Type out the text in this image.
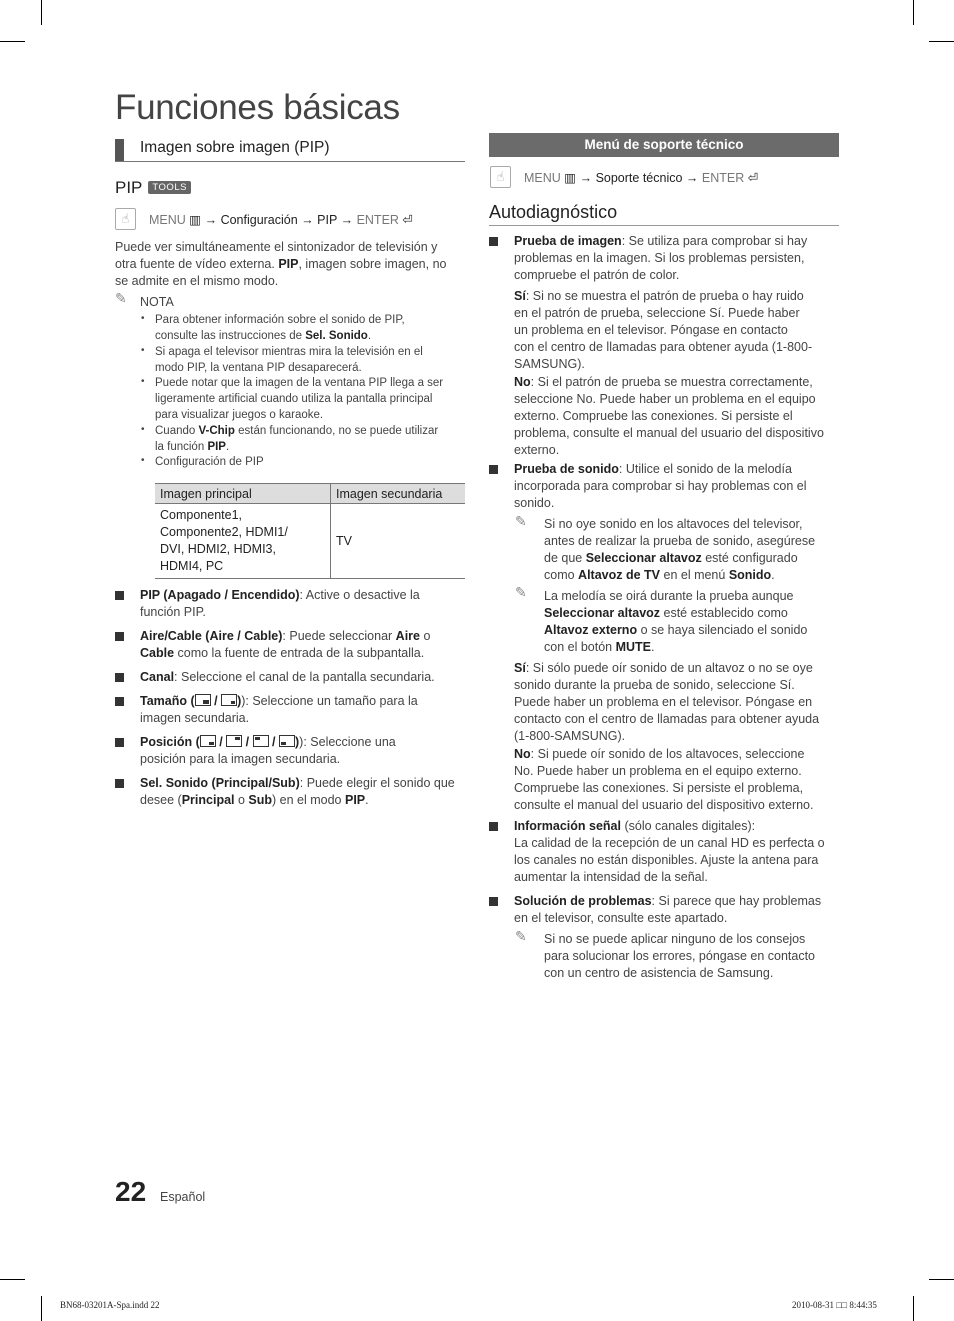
Funciones básicas
Imagen sobre imagen (PIP)
PIP TOOLS
☝	MENU ▥ → Configuración → PIP → ENTER ⏎
Puede ver simultáneamente el sintonizador de televisión y
otra fuente de vídeo externa. PIP, imagen sobre imagen, no
se admite en el mismo modo.
✎ NOTA
• Para obtener información sobre el sonido de PIP,
consulte las instrucciones de Sel. Sonido.
• Si apaga el televisor mientras mira la televisión en el
modo PIP, la ventana PIP desaparecerá.
• Puede notar que la imagen de la ventana PIP llega a ser
ligeramente artificial cuando utiliza la pantalla principal
para visualizar juegos o karaoke.
• Cuando V-Chip están funcionando, no se puede utilizar
la función PIP.
• Configuración de PIP
Imagen principal	Imagen secundaria

Componente1,
Componente2, HDMI1/
DVI, HDMI2, HDMI3,
HDMI4, PC	TV
PIP (Apagado / Encendido): Active o desactive la
función PIP.
Aire/Cable (Aire / Cable): Puede seleccionar Aire o
Cable como la fuente de entrada de la subpantalla.
Canal: Seleccione el canal de la pantalla secundaria.
Tamaño (
/
)): Seleccione un tamaño para la
imagen secundaria.
Posición (
/
/
/
)): Seleccione una
posición para la imagen secundaria.
Sel. Sonido (Principal/Sub): Puede elegir el sonido que
desee (Principal o Sub) en el modo PIP.
Menú de soporte técnico
☝	MENU ▥ → Soporte técnico → ENTER ⏎
Autodiagnóstico
Prueba de imagen: Se utiliza para comprobar si hay
problemas en la imagen. Si los problemas persisten,
compruebe el patrón de color.
Sí: Si no se muestra el patrón de prueba o hay ruido
en el patrón de prueba, seleccione Sí. Puede haber
un problema en el televisor. Póngase en contacto
con el centro de llamadas para obtener ayuda (1-800-
SAMSUNG).
No: Si el patrón de prueba se muestra correctamente,
seleccione No. Puede haber un problema en el equipo
externo. Compruebe las conexiones. Si persiste el
problema, consulte el manual del usuario del dispositivo
externo.
Prueba de sonido: Utilice el sonido de la melodía
incorporada para comprobar si hay problemas con el
sonido.
✎ Si no oye sonido en los altavoces del televisor,
antes de realizar la prueba de sonido, asegúrese
de que Seleccionar altavoz esté configurado
como Altavoz de TV en el menú Sonido.
✎ La melodía se oirá durante la prueba aunque
Seleccionar altavoz esté establecido como
Altavoz externo o se haya silenciado el sonido
con el botón MUTE.
Sí: Si sólo puede oír sonido de un altavoz o no se oye
sonido durante la prueba de sonido, seleccione Sí.
Puede haber un problema en el televisor. Póngase en
contacto con el centro de llamadas para obtener ayuda
(1-800-SAMSUNG).
No: Si puede oír sonido de los altavoces, seleccione
No. Puede haber un problema en el equipo externo.
Compruebe las conexiones. Si persiste el problema,
consulte el manual del usuario del dispositivo externo.
Información señal (sólo canales digitales):
La calidad de la recepción de un canal HD es perfecta o
los canales no están disponibles. Ajuste la antena para
aumentar la intensidad de la señal.
Solución de problemas: Si parece que hay problemas
en el televisor, consulte este apartado.
✎ Si no se puede aplicar ninguno de los consejos
para solucionar los errores, póngase en contacto
con un centro de asistencia de Samsung.
22 Español
BN68-03201A-Spa.indd 22	2010-08-31 □□ 8:44:35
